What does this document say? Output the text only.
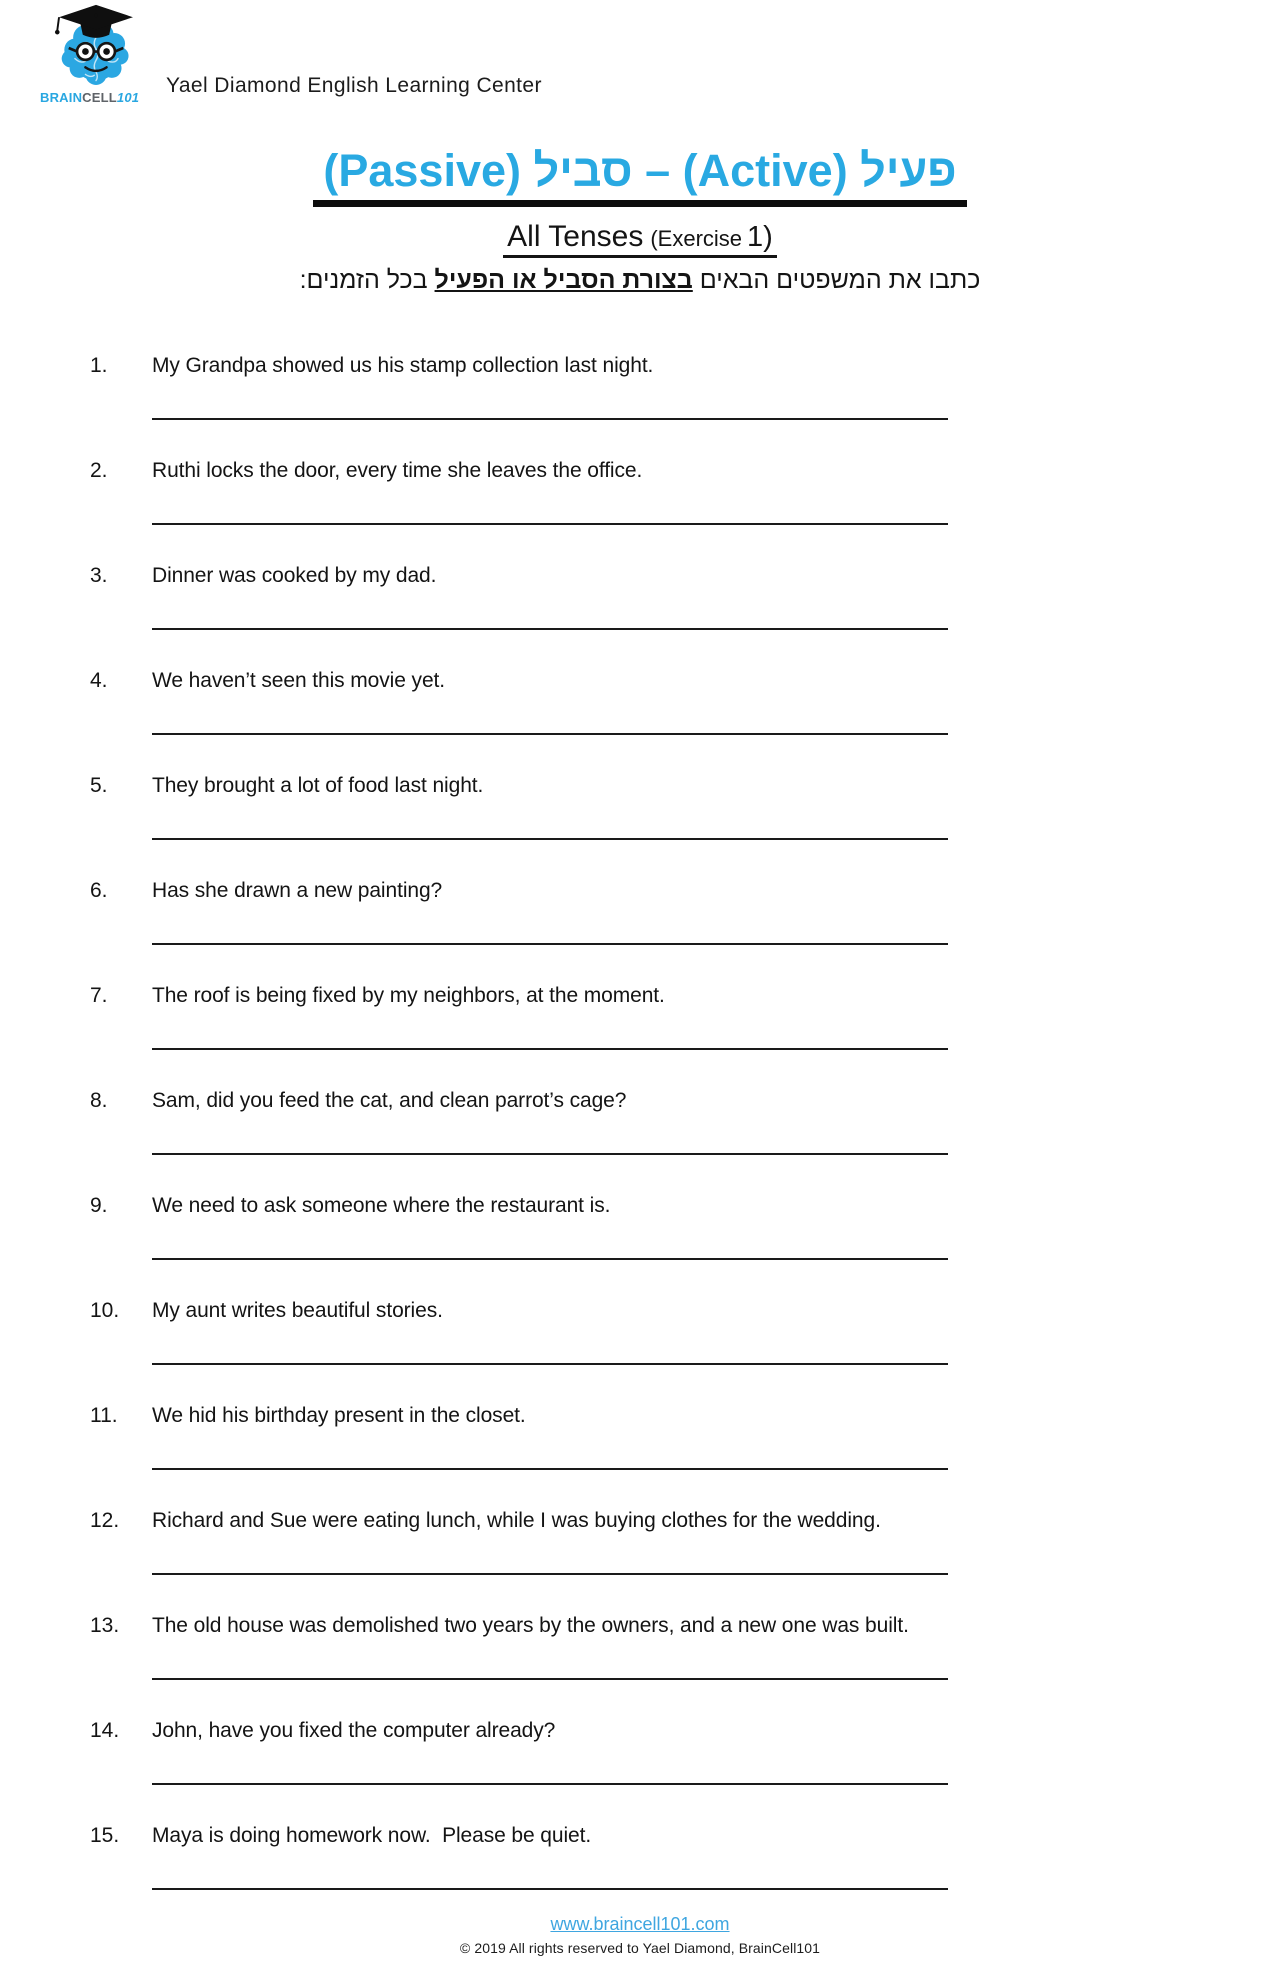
BRAINCELL101
Yael Diamond English Learning Center
פעיל (Active) – סביל (Passive)
All Tenses (Exercise 1)
כתבו את המשפטים הבאים בצורת הסביל או הפעיל בכל הזמנים:
1.	My Grandpa showed us his stamp collection last night.
2.	Ruthi locks the door, every time she leaves the office.
3.	Dinner was cooked by my dad.
4.	We haven’t seen this movie yet.
5.	They brought a lot of food last night.
6.	Has she drawn a new painting?
7.	The roof is being fixed by my neighbors, at the moment.
8.	Sam, did you feed the cat, and clean parrot’s cage?
9.	We need to ask someone where the restaurant is.
10.	My aunt writes beautiful stories.
11.	We hid his birthday present in the closet.
12.	Richard and Sue were eating lunch, while I was buying clothes for the wedding.
13.	The old house was demolished two years by the owners, and a new one was built.
14.	John, have you fixed the computer already?
15.	Maya is doing homework now.  Please be quiet.
www.braincell101.com
© 2019 All rights reserved to Yael Diamond, BrainCell101
